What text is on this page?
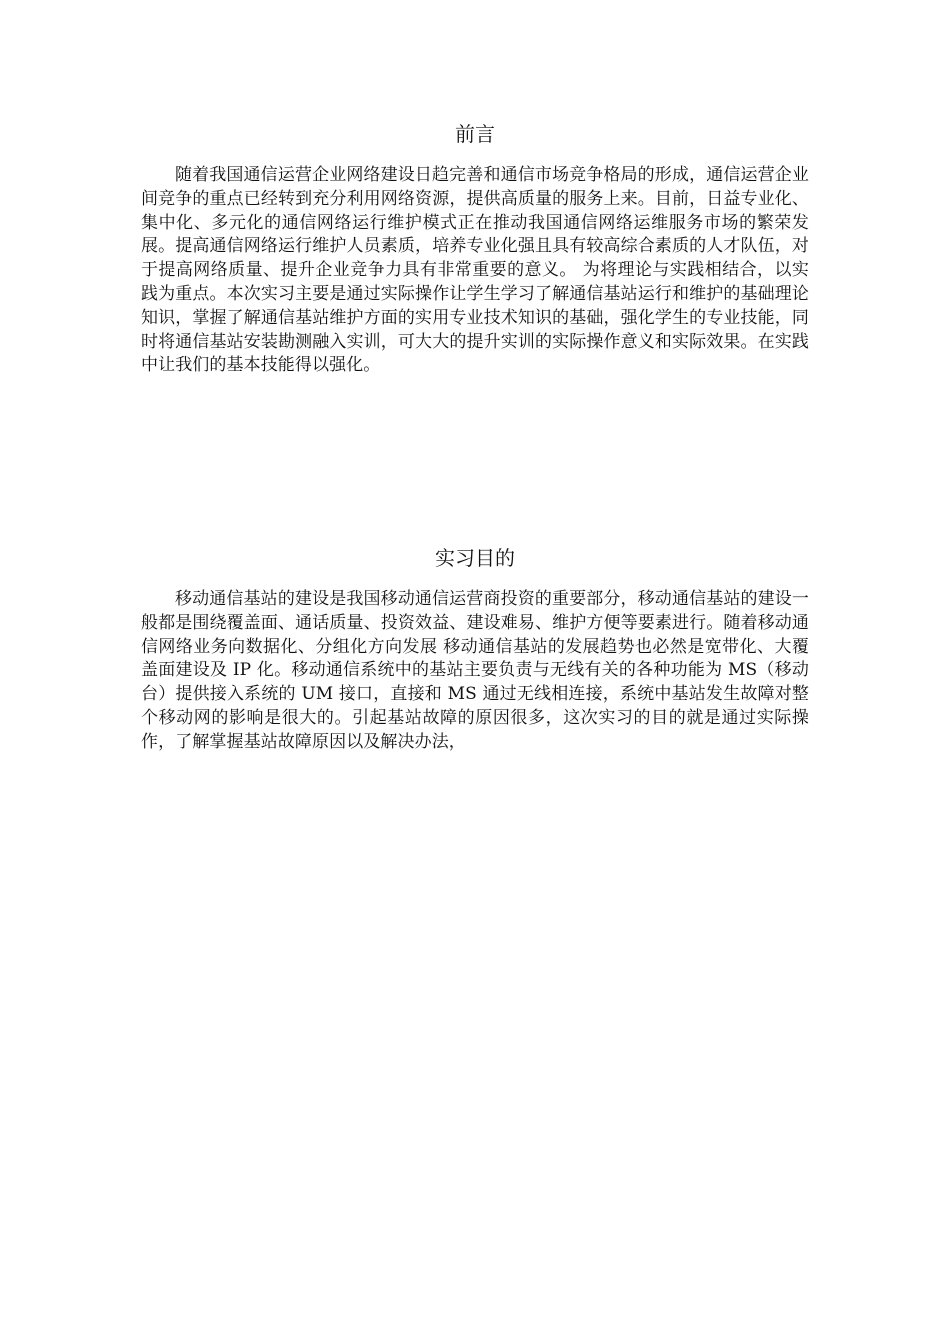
前言

随着我国通信运营企业网络建设日趋完善和通信市场竞争格局的形成，通信运营企业间竞争的重点已经转到充分利用网络资源，提供高质量的服务上来。目前，日益专业化、集中化、多元化的通信网络运行维护模式正在推动我国通信网络运维服务市场的繁荣发展。提高通信网络运行维护人员素质，培养专业化强且具有较高综合素质的人才队伍，对于提高网络质量、提升企业竞争力具有非常重要的意义。 为将理论与实践相结合，以实践为重点。本次实习主要是通过实际操作让学生学习了解通信基站运行和维护的基础理论知识，掌握了解通信基站维护方面的实用专业技术知识的基础，强化学生的专业技能，同时将通信基站安装勘测融入实训，可大大的提升实训的实际操作意义和实际效果。在实践中让我们的基本技能得以强化。

实习目的

移动通信基站的建设是我国移动通信运营商投资的重要部分，移动通信基站的建设一般都是围绕覆盖面、通话质量、投资效益、建设难易、维护方便等要素进行。随着移动通信网络业务向数据化、分组化方向发展 移动通信基站的发展趋势也必然是宽带化、大覆盖面建设及 IP 化。移动通信系统中的基站主要负责与无线有关的各种功能为 MS（移动台）提供接入系统的 UM 接口，直接和 MS 通过无线相连接，系统中基站发生故障对整个移动网的影响是很大的。引起基站故障的原因很多，这次实习的目的就是通过实际操作，了解掌握基站故障原因以及解决办法，
